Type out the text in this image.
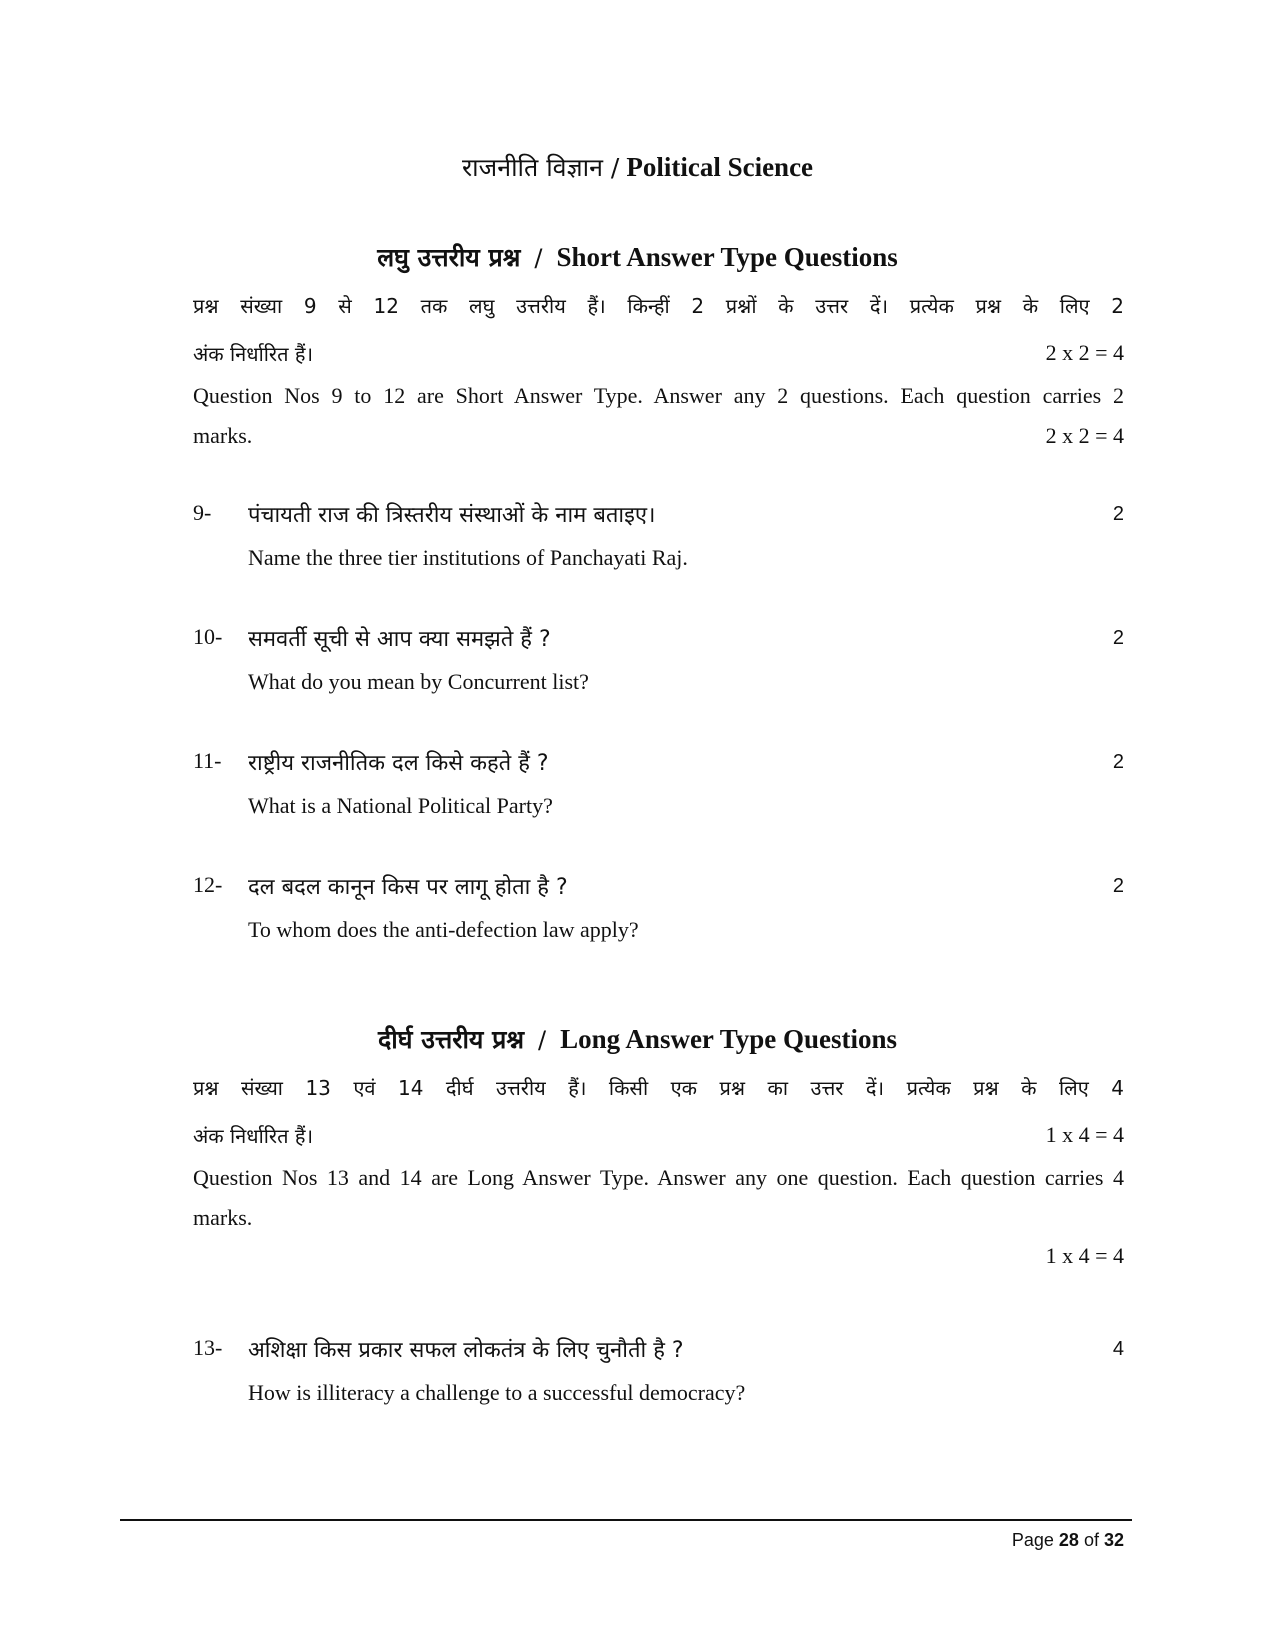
राजनीति विज्ञान / Political Science
लघु उत्तरीय प्रश्न / Short Answer Type Questions
प्रश्न संख्या 9 से 12 तक लघु उत्तरीय हैं। किन्हीं 2 प्रश्नों के उत्तर दें। प्रत्येक प्रश्न के लिए 2
अंक निर्धारित हैं।	2 x 2 = 4
Question Nos 9 to 12 are Short Answer Type. Answer any 2 questions. Each question carries 2
marks.	2 x 2 = 4
9- पंचायती राज की त्रिस्तरीय संस्थाओं के नाम बताइए।	2
Name the three tier institutions of Panchayati Raj.
10- समवर्ती सूची से आप क्या समझते हैं ?	2
What do you mean by Concurrent list?
11- राष्ट्रीय राजनीतिक दल किसे कहते हैं ?	2
What is a National Political Party?
12- दल बदल कानून किस पर लागू होता है ?	2
To whom does the anti-defection law apply?
दीर्घ उत्तरीय प्रश्न / Long Answer Type Questions
प्रश्न संख्या 13 एवं 14 दीर्घ उत्तरीय हैं। किसी एक प्रश्न का उत्तर दें। प्रत्येक प्रश्न के लिए 4
अंक निर्धारित हैं।	1 x 4 = 4
Question Nos 13 and 14 are Long Answer Type. Answer any one question. Each question carries 4
marks.
1 x 4 = 4
13- अशिक्षा किस प्रकार सफल लोकतंत्र के लिए चुनौती है ?	4
How is illiteracy a challenge to a successful democracy?
Page 28 of 32
